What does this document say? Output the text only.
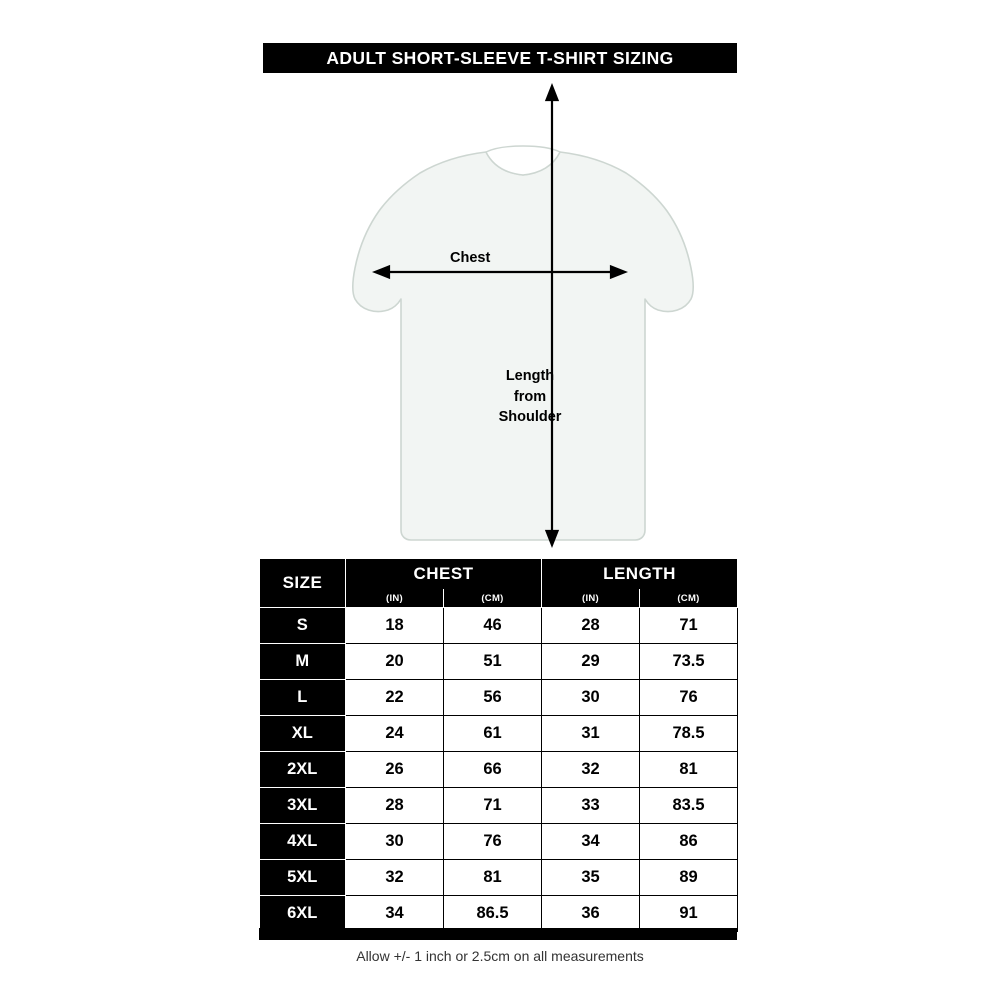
ADULT SHORT-SLEEVE T-SHIRT SIZING
Chest
Length
from
Shoulder
SIZE	CHEST		LENGTH	
	(IN)	(CM)	(IN)	(CM)
S	18	46	28	71
M	20	51	29	73.5
L	22	56	30	76
XL	24	61	31	78.5
2XL	26	66	32	81
3XL	28	71	33	83.5
4XL	30	76	34	86
5XL	32	81	35	89
6XL	34	86.5	36	91
Allow +/- 1 inch or 2.5cm on all measurements
